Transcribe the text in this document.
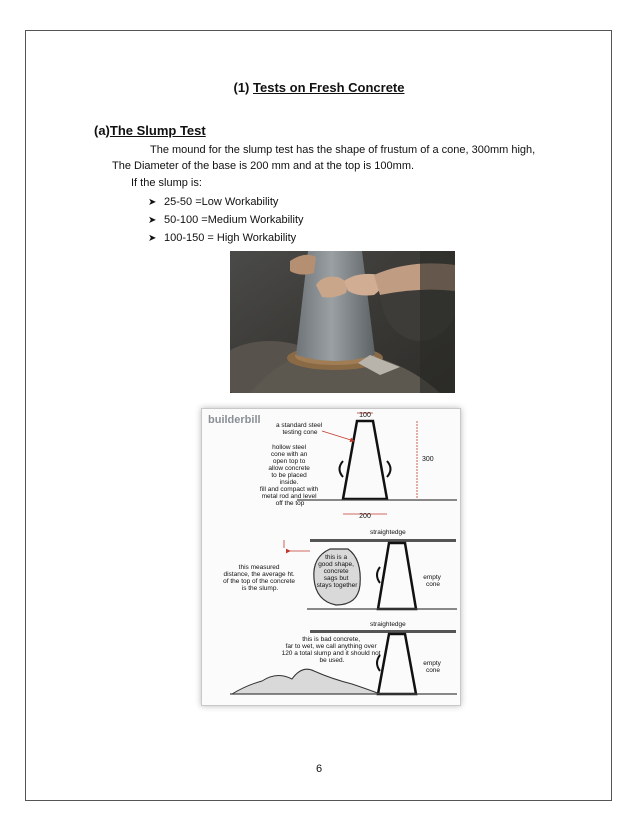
(1) Tests on Fresh Concrete
(a)The Slump Test
The mound for the slump test has the shape of frustum of a cone, 300mm high,
The Diameter of the base is 200 mm and at the top is 100mm.
If the slump is:
➤ 25-50 =Low Workability
➤ 50-100 =Medium Workability
➤ 100-150 = High Workability
builderbill	100
300
200
a standard steel testing cone
hollow steel cone with an open top to allow concrete to be placed inside. fill and compact with metal rod and level off the top
straightedge
this is a good shape, concrete sags but stays together
empty cone
this measured distance, the average ht. of the top of the concrete is the slump.
straightedge
this is bad concrete, far to wet, we call anything over 120 a total slump and it should not be used.	empty cone
6
